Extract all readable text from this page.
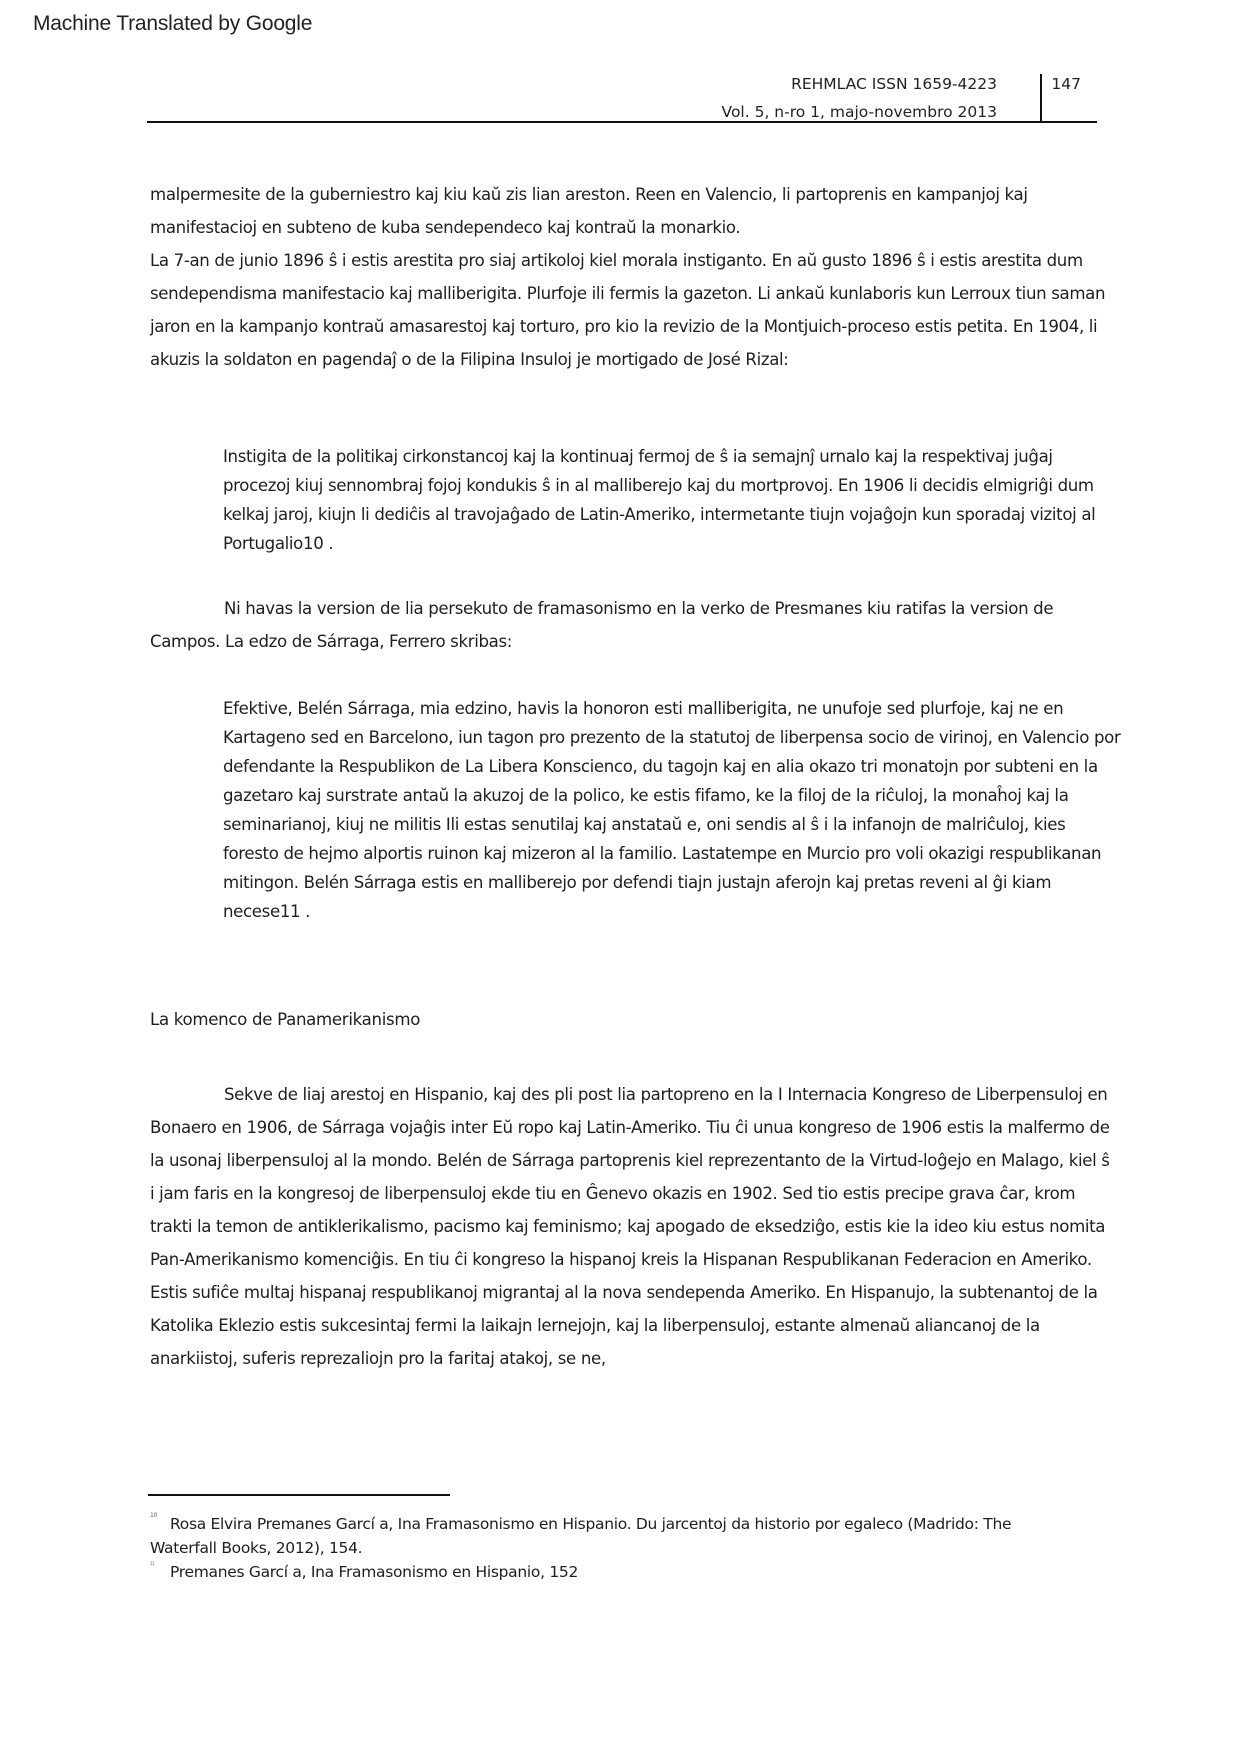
Machine Translated by Google
REHMLAC ISSN 1659-4223
Vol. 5, n-ro 1, majo-novembro 2013
147

malpermesite de la guberniestro kaj kiu kaŭ zis lian areston. Reen en Valencio, li partoprenis en kampanjoj kaj manifestacioj en subteno de kuba sendependeco kaj kontraŭ la monarkio.

La 7-an de junio 1896 ŝ i estis arestita pro siaj artikoloj kiel morala instiganto. En aŭ gusto 1896 ŝ i estis arestita dum sendependisma manifestacio kaj malliberigita. Plurfoje ili fermis la gazeton. Li ankaŭ kunlaboris kun Lerroux tiun saman jaron en la kampanjo kontraŭ amasarestoj kaj torturo, pro kio la revizio de la Montjuich-proceso estis petita. En 1904, li akuzis la soldaton en pagendaĵ o de la Filipina Insuloj je mortigado de José Rizal:

Instigita de la politikaj cirkonstancoj kaj la kontinuaj fermoj de ŝ ia semajnĵ urnalo kaj la respektivaj juĝaj procezoj kiuj sennombraj fojoj kondukis ŝ in al malliberejo kaj du mortprovoj. En 1906 li decidis elmigriĝi dum kelkaj jaroj, kiujn li dediĉis al travojaĝado de Latin-Ameriko, intermetante tiujn vojaĝojn kun sporadaj vizitoj al Portugalio10 .

Ni havas la version de lia persekuto de framasonismo en la verko de Presmanes kiu ratifas la version de Campos. La edzo de Sárraga, Ferrero skribas:

Efektive, Belén Sárraga, mia edzino, havis la honoron esti malliberigita, ne unufoje sed plurfoje, kaj ne en Kartageno sed en Barcelono, iun tagon pro prezento de la statutoj de liberpensa socio de virinoj, en Valencio por defendante la Respublikon de La Libera Konscienco, du tagojn kaj en alia okazo tri monatojn por subteni en la gazetaro kaj surstrate antaŭ la akuzoj de la polico, ke estis fifamo, ke la filoj de la riĉuloj, la monaĥoj kaj la seminarianoj, kiuj ne militis Ili estas senutilaj kaj anstataŭ e, oni sendis al ŝ i la infanojn de malriĉuloj, kies foresto de hejmo alportis ruinon kaj mizeron al la familio. Lastatempe en Murcio pro voli okazigi respublikanan mitingon. Belén Sárraga estis en malliberejo por defendi tiajn justajn aferojn kaj pretas reveni al ĝi kiam necese11 .
La komenco de Panamerikanismo

Sekve de liaj arestoj en Hispanio, kaj des pli post lia partopreno en la I Internacia Kongreso de Liberpensuloj en Bonaero en 1906, de Sárraga vojaĝis inter Eŭ ropo kaj Latin-Ameriko. Tiu ĉi unua kongreso de 1906 estis la malfermo de la usonaj liberpensuloj al la mondo. Belén de Sárraga partoprenis kiel reprezentanto de la Virtud-loĝejo en Malago, kiel ŝ i jam faris en la kongresoj de liberpensuloj ekde tiu en Ĝenevo okazis en 1902. Sed tio estis precipe grava ĉar, krom trakti la temon de antiklerikalismo, pacismo kaj feminismo; kaj apogado de eksedziĝo, estis kie la ideo kiu estus nomita Pan-Amerikanismo komenciĝis. En tiu ĉi kongreso la hispanoj kreis la Hispanan Respublikanan Federacion en Ameriko. Estis sufiĉe multaj hispanaj respublikanoj migrantaj al la nova sendependa Ameriko. En Hispanujo, la subtenantoj de la Katolika Eklezio estis sukcesintaj fermi la laikajn lernejojn, kaj la liberpensuloj, estante almenaŭ aliancanoj de la anarkiistoj, suferis reprezaliojn pro la faritaj atakoj, se ne,

10 Rosa Elvira Premanes Garcí a, Ina Framasonismo en Hispanio. Du jarcentoj da historio por egaleco (Madrido: The Waterfall Books, 2012), 154.

11 Premanes Garcí a, Ina Framasonismo en Hispanio, 152
